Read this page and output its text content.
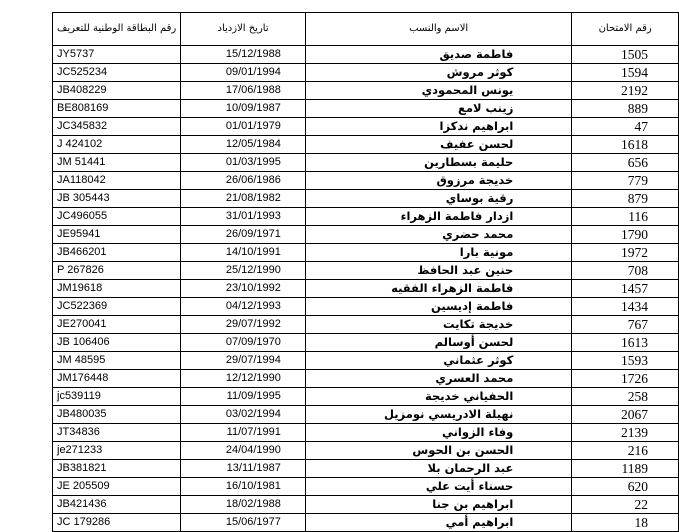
رقم البطاقة الوطنية للتعريف	تاريخ الازدياد	الاسم والنسب	رقم الامتحان
JY5737	15/12/1988	فاطمة صديق	1505
JC525234	09/01/1994	كوثر مروش	1594
JB408229	17/06/1988	يونس المحمودي	2192
BE808169	10/09/1987	زينب لامع	889
JC345832	01/01/1979	ابراهيم ندكزا	47
J 424102	12/05/1984	لحسن عفيف	1618
JM 51441	01/03/1995	حليمة بسطارين	656
JA118042	26/06/1986	خديجة مرزوق	779
JB 305443	21/08/1982	رقية بوساي	879
JC496055	31/01/1993	ازدار فاطمة الزهراء	116
JE95941	26/09/1971	محمد حضري	1790
JB466201	14/10/1991	مونية بارا	1972
P 267826	25/12/1990	حنين عبد الحافظ	708
JM19618	23/10/1992	فاطمة الزهراء الفقيه	1457
JC522369	04/12/1993	فاطمة إديسين	1434
JE270041	29/07/1992	خديجة تكايت	767
JB 106406	07/09/1970	لحسن أوسالم	1613
JM 48595	29/07/1994	كوثر عثماني	1593
JM176448	12/12/1990	محمد العسري	1726
jc539119	11/09/1995	الحفياني خديجة	258
JB480035	03/02/1994	نهيلة الادريسي نومزيل	2067
JT34836	11/07/1991	وفاء الزواني	2139
je271233	24/04/1990	الحسن بن الحوس	216
JB381821	13/11/1987	عبد الرحمان بلا	1189
JE 205509	16/10/1981	حسناء أيت علي	620
JB421436	18/02/1988	ابراهيم بن جنا	22
JC 179286	15/06/1977	ابراهيم أمي	18
